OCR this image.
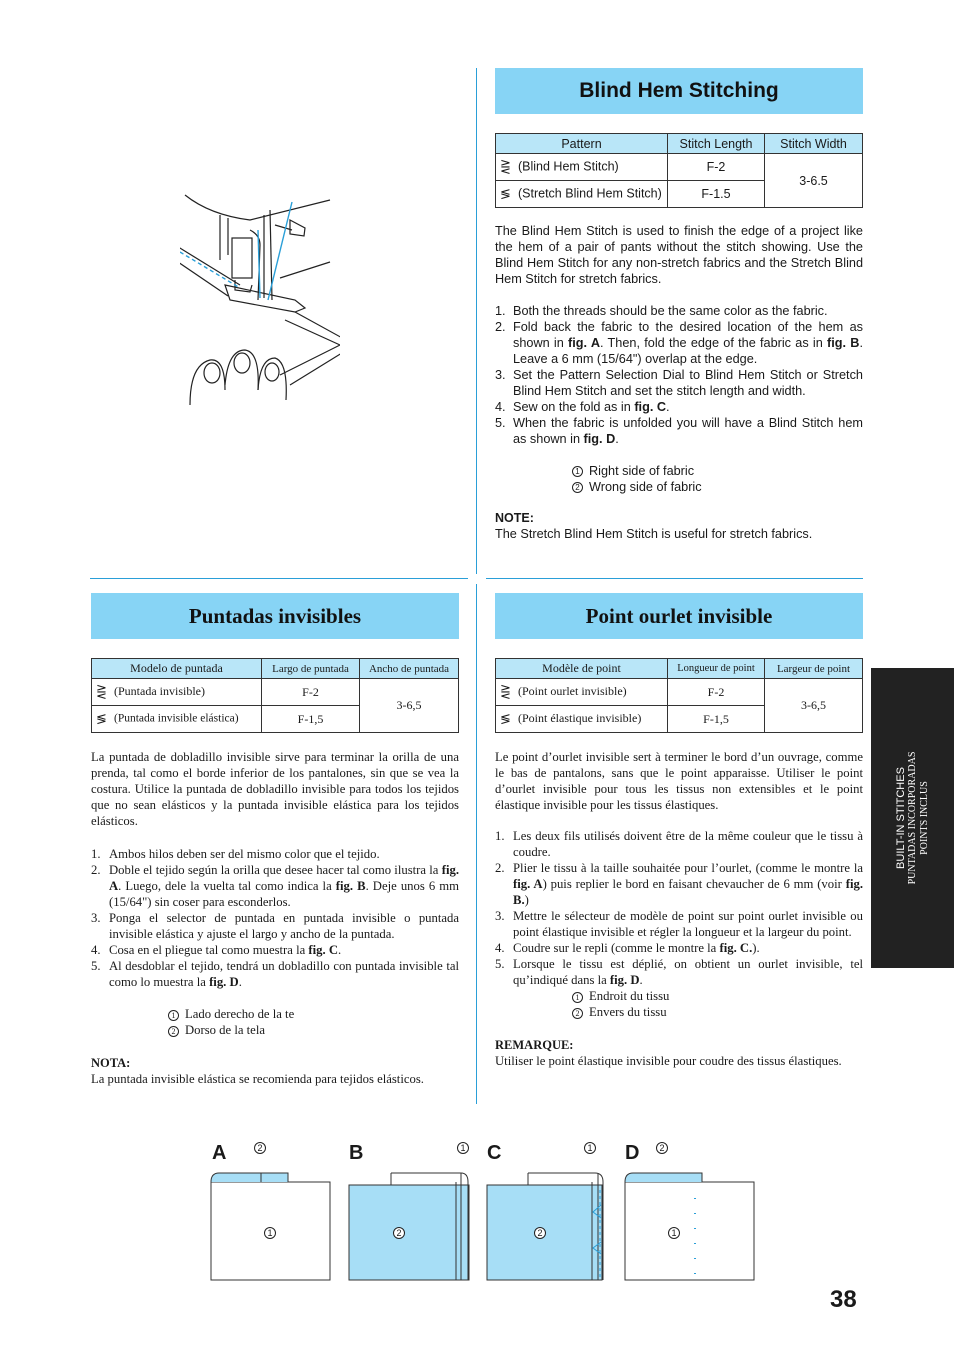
Blind Hem Stitching
Pattern	Stitch Length	Stitch Width
⋛ (Blind Hem Stitch)	F-2	3-6.5
≶ (Stretch Blind Hem Stitch)	F-1.5	
The Blind Hem Stitch is used to finish the edge of a project like the hem of a pair of pants without the stitch showing. Use the Blind Hem Stitch for any non-stretch fabrics and the Stretch Blind Hem Stitch for stretch fabrics.
1. Both the threads should be the same color as the fabric.
2. Fold back the fabric to the desired location of the hem as shown in fig. A. Then, fold the edge of the fabric as in fig. B. Leave a 6 mm (15/64") overlap at the edge.
3. Set the Pattern Selection Dial to Blind Hem Stitch or Stretch Blind Hem Stitch and set the stitch length and width.
4. Sew on the fold as in fig. C.
5. When the fabric is unfolded you will have a Blind Stitch hem as shown in fig. D.
1 Right side of fabric
2 Wrong side of fabric
NOTE:
The Stretch Blind Hem Stitch is useful for stretch fabrics.
Puntadas invisibles
Modelo de puntada	Largo de puntada	Ancho de puntada
⋛ (Puntada invisible)	F-2	3-6,5
≶ (Puntada invisible elástica)	F-1,5	
La puntada de dobladillo invisible sirve para terminar la orilla de una prenda, tal como el borde inferior de los pantalones, sin que se vea la costura. Utilice la puntada de dobladillo invisible para todos los tejidos que no sean elásticos y la puntada invisible elástica para los tejidos elásticos.
1. Ambos hilos deben ser del mismo color que el tejido.
2. Doble el tejido según la orilla que desee hacer tal como ilustra la fig. A. Luego, dele la vuelta tal como indica la fig. B. Deje unos 6 mm (15/64") sin coser para esconderlos.
3. Ponga el selector de puntada en puntada invisible o puntada invisible elástica y ajuste el largo y ancho de la puntada.
4. Cosa en el pliegue tal como muestra la fig. C.
5. Al desdoblar el tejido, tendrá un dobladillo con puntada invisible tal como lo muestra la fig. D.
1 Lado derecho de la te
2 Dorso de la tela
NOTA:
La puntada invisible elástica se recomienda para tejidos elásticos.
Point ourlet invisible
Modèle de point	Longueur de point	Largeur de point
⋛ (Point ourlet invisible)	F-2	3-6,5
≶ (Point élastique invisible)	F-1,5	
Le point d’ourlet invisible sert à terminer le bord d’un ouvrage, comme le bas de pantalons, sans que le point apparaisse. Utiliser le point d’ourlet invisible pour tous les tissus non extensibles et le point élastique invisible pour les tissus élastiques.
1. Les deux fils utilisés doivent être de la même couleur que le tissu à coudre.
2. Plier le tissu à la taille souhaitée pour l’ourlet, (comme le montre la fig. A) puis replier le bord en faisant chevaucher de 6 mm (voir fig. B.)
3. Mettre le sélecteur de modèle de point sur point ourlet invisible ou point élastique invisible et régler la longueur et la largeur du point.
4. Coudre sur le repli (comme le montre la fig. C.).
5. Lorsque le tissu est déplié, on obtient un ourlet invisible, tel qu’indiqué dans la fig. D.
1 Endroit du tissu
2 Envers du tissu
REMARQUE:
Utiliser le point élastique invisible pour coudre des tissus élastiques.
BUILT-IN STITCHES PUNTADAS INCORPORADAS POINTS INCLUS
A	B	C	D
2
1
1
2
1
2
2
1
38
